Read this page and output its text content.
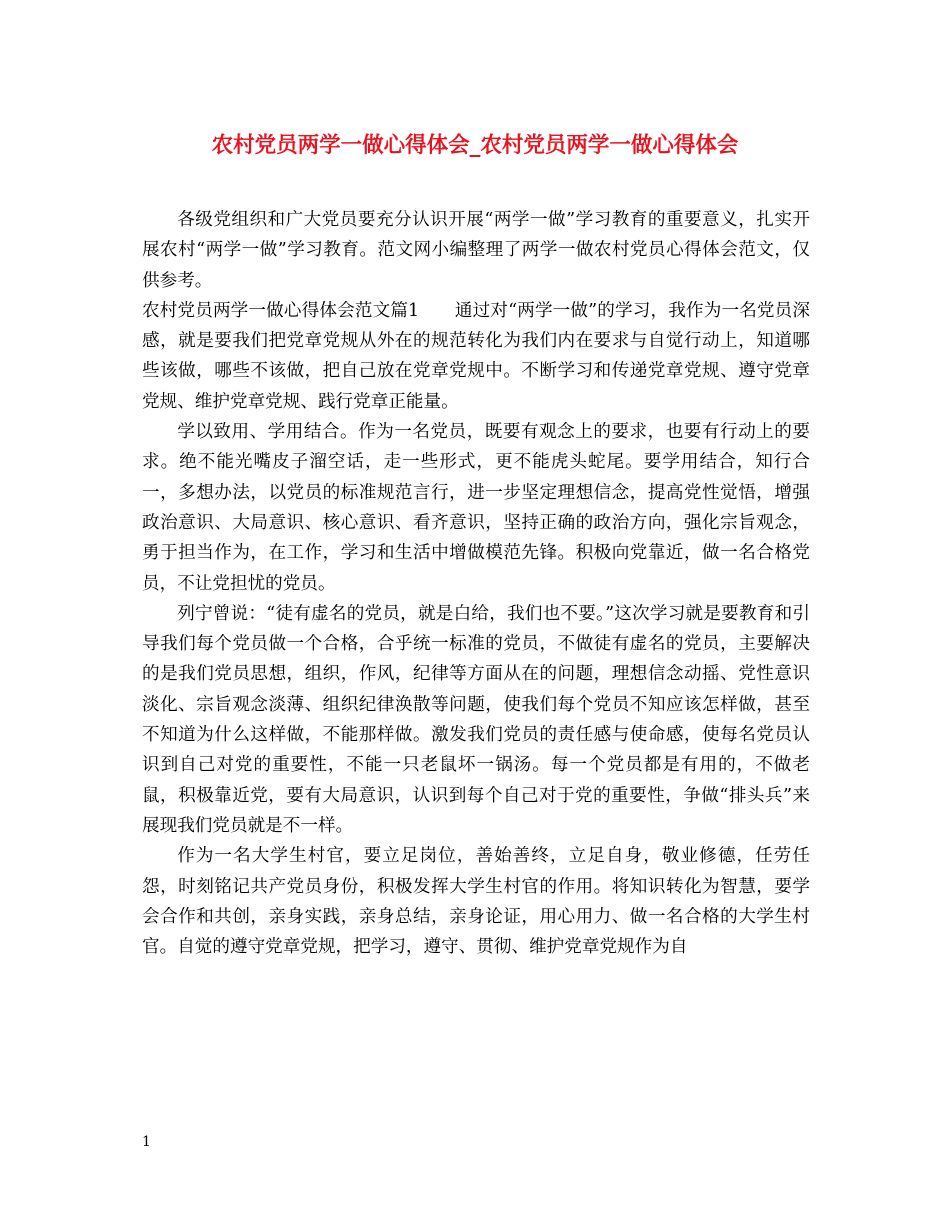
农村党员两学一做心得体会_农村党员两学一做心得体会

各级党组织和广大党员要充分认识开展“两学一做”学习教育的重要意义，扎实开展农村“两学一做”学习教育。范文网小编整理了两学一做农村党员心得体会范文，仅供参考。

农村党员两学一做心得体会范文篇1　　通过对“两学一做”的学习，我作为一名党员深感，就是要我们把党章党规从外在的规范转化为我们内在要求与自觉行动上，知道哪些该做，哪些不该做，把自己放在党章党规中。不断学习和传递党章党规、遵守党章党规、维护党章党规、践行党章正能量。

学以致用、学用结合。作为一名党员，既要有观念上的要求，也要有行动上的要求。绝不能光嘴皮子溜空话，走一些形式，更不能虎头蛇尾。要学用结合，知行合一，多想办法，以党员的标准规范言行，进一步坚定理想信念，提高党性觉悟，增强政治意识、大局意识、核心意识、看齐意识，坚持正确的政治方向，强化宗旨观念，勇于担当作为，在工作，学习和生活中增做模范先锋。积极向党靠近，做一名合格党员，不让党担忧的党员。

列宁曾说：“徒有虚名的党员，就是白给，我们也不要。”这次学习就是要教育和引导我们每个党员做一个合格，合乎统一标准的党员，不做徒有虚名的党员，主要解决的是我们党员思想，组织，作风，纪律等方面从在的问题，理想信念动摇、党性意识淡化、宗旨观念淡薄、组织纪律涣散等问题，使我们每个党员不知应该怎样做，甚至不知道为什么这样做，不能那样做。激发我们党员的责任感与使命感，使每名党员认识到自己对党的重要性，不能一只老鼠坏一锅汤。每一个党员都是有用的，不做老鼠，积极靠近党，要有大局意识，认识到每个自己对于党的重要性，争做“排头兵”来展现我们党员就是不一样。

作为一名大学生村官，要立足岗位，善始善终，立足自身，敬业修德，任劳任怨，时刻铭记共产党员身份，积极发挥大学生村官的作用。将知识转化为智慧，要学会合作和共创，亲身实践，亲身总结，亲身论证，用心用力、做一名合格的大学生村官。自觉的遵守党章党规，把学习，遵守、贯彻、维护党章党规作为自

1
